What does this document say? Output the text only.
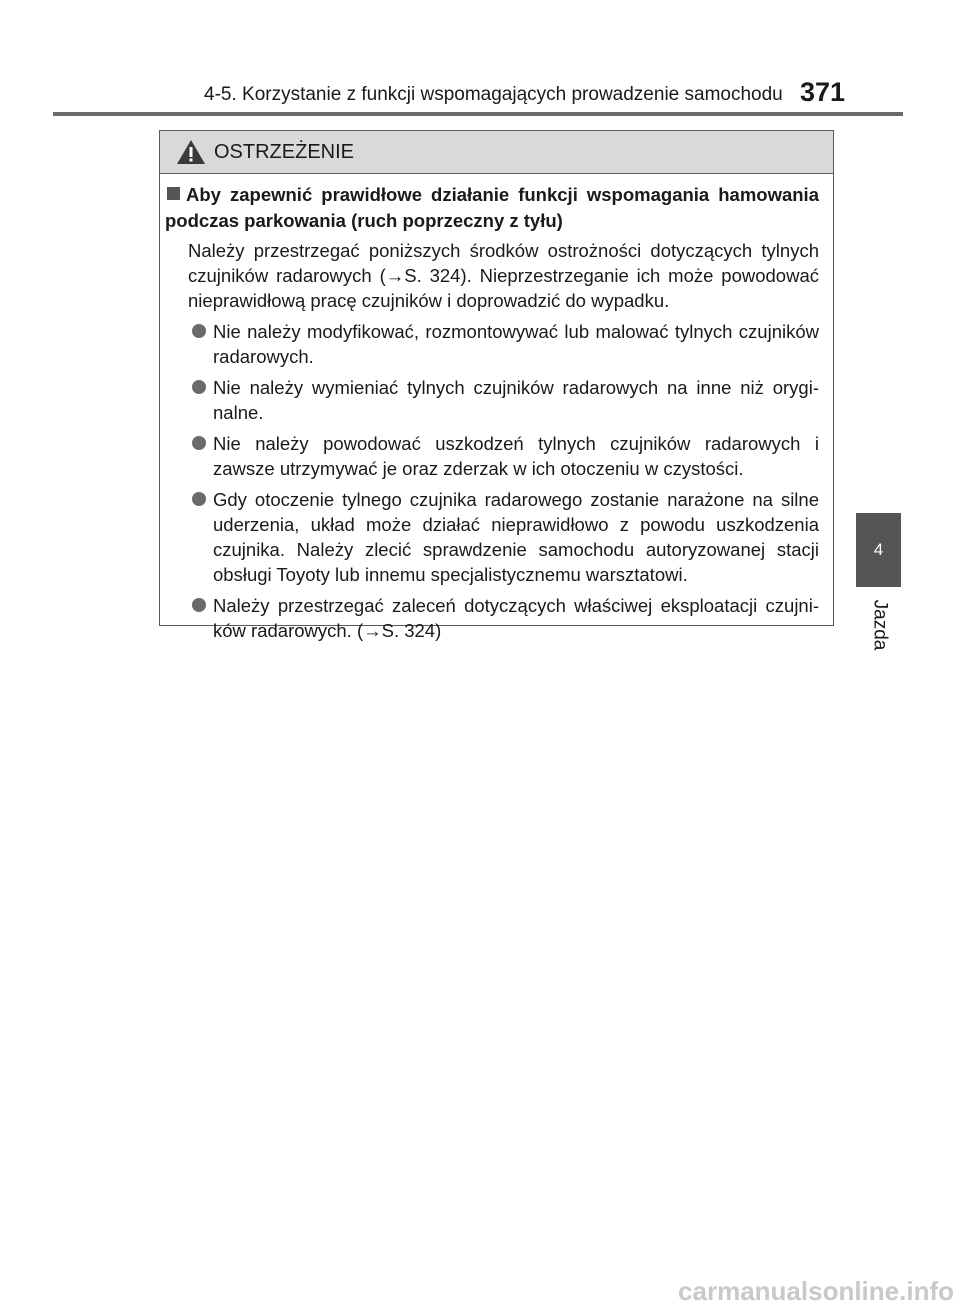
4-5. Korzystanie z funkcji wspomagających prowadzenie samochodu 371
4
Jazda
OSTRZEŻENIE
Aby zapewnić prawidłowe działanie funkcji wspomagania hamowania podczas parkowania (ruch poprzeczny z tyłu)

Należy przestrzegać poniższych środków ostrożności dotyczących tylnych czujników radarowych (→S. 324). Nieprzestrzeganie ich może powodować nieprawidłową pracę czujników i doprowadzić do wypadku.

Nie należy modyfikować, rozmontowywać lub malować tylnych czujników radarowych.
Nie należy wymieniać tylnych czujników radarowych na inne niż orygi-nalne.
Nie należy powodować uszkodzeń tylnych czujników radarowych i zawsze utrzymywać je oraz zderzak w ich otoczeniu w czystości.
Gdy otoczenie tylnego czujnika radarowego zostanie narażone na silne uderzenia, układ może działać nieprawidłowo z powodu uszkodzenia czujnika. Należy zlecić sprawdzenie samochodu autoryzowanej stacji obsługi Toyoty lub innemu specjalistycznemu warsztatowi.
Należy przestrzegać zaleceń dotyczących właściwej eksploatacji czujni-ków radarowych. (→S. 324)
carmanualsonline.info
